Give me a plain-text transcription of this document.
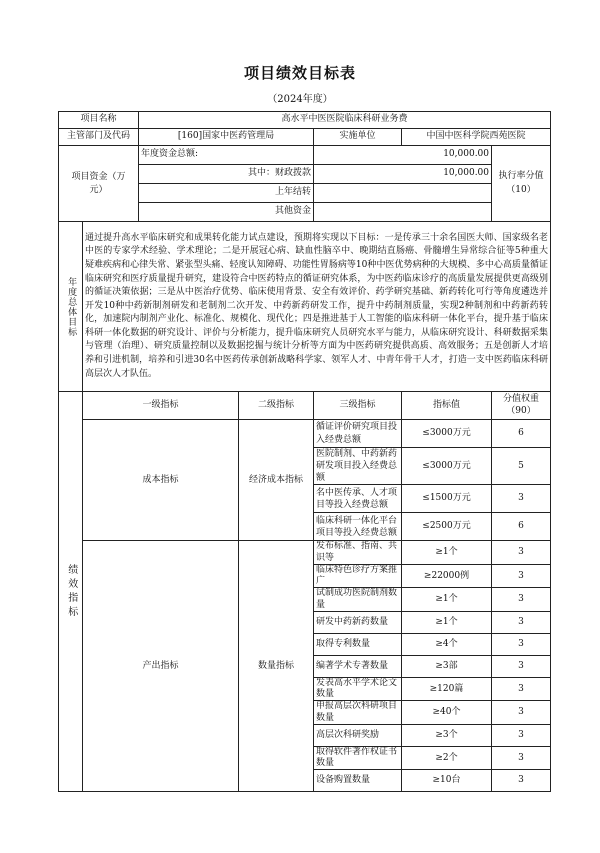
项目绩效目标表
（2024年度）
项目名称		高水平中医医院临床科研业务费				
主管部门及代码		[160]国家中医药管理局		实施单位	中国中医科学院西苑医院	

项目资金（万元）		年度资金总额:		10,000.00		执行率分值（10）

		其中：财政拨款		10,000.00		
		上年结转				
		其他资金				

年度总体目标	通过提升高水平临床研究和成果转化能力试点建设，预期将实现以下目标：一是传承三十余名国医大师、国家级名老中医的专家学术经验、学术理论；二是开展冠心病、缺血性脑卒中、晚期结直肠癌、骨髓增生异常综合征等5种重大疑难疾病和心律失常、紧张型头痛、轻度认知障碍、功能性胃肠病等10种中医优势病种的大规模、多中心高质量循证临床研究和医疗质量提升研究，建设符合中医药特点的循证研究体系，为中医药临床诊疗的高质量发展提供更高级别的循证决策依据；三是从中医治疗优势、临床使用背景、安全有效评价、药学研究基础、新药转化可行等角度遴选并开发10种中药新制剂研发和老制剂二次开发、中药新药研发工作，提升中药制剂质量，实现2种制剂和中药新药转化，加速院内制剂产业化、标准化、规模化、现代化；四是推进基于人工智能的临床科研一体化平台，提升基于临床科研一体化数据的研究设计、评价与分析能力，提升临床研究人员研究水平与能力，从临床研究设计、科研数据采集与管理（治理）、研究质量控制以及数据挖掘与统计分析等方面为中医药研究提供高质、高效服务；五是创新人才培养和引进机制，培养和引进30名中医药传承创新战略科学家、领军人才、中青年骨干人才，打造一支中医药临床科研高层次人才队伍。					

绩效指标	一级指标		二级指标	三级指标	指标值	分值权重（90）

	成本指标		经济成本指标	循证评价研究项目投入经费总额	≤3000万元	6
				医院制剂、中药新药研发项目投入经费总额	≤3000万元	5
				名中医传承、人才项目等投入经费总额	≤1500万元	3
				临床科研一体化平台项目等投入经费总额	≤2500万元	6
	产出指标		数量指标	发布标准、指南、共识等	≥1个	3
				临床特色诊疗方案推广	≥22000例	3
				试制成功医院制剂数量	≥1个	3
				研发中药新药数量	≥1个	3
				取得专利数量	≥4个	3
				编著学术专著数量	≥3部	3
				发表高水平学术论文数量	≥120篇	3
				申报高层次科研项目数量	≥40个	3
				高层次科研奖励	≥3个	3
				取得软件著作权证书数量	≥2个	3
				设备购置数量	≥10台	3
